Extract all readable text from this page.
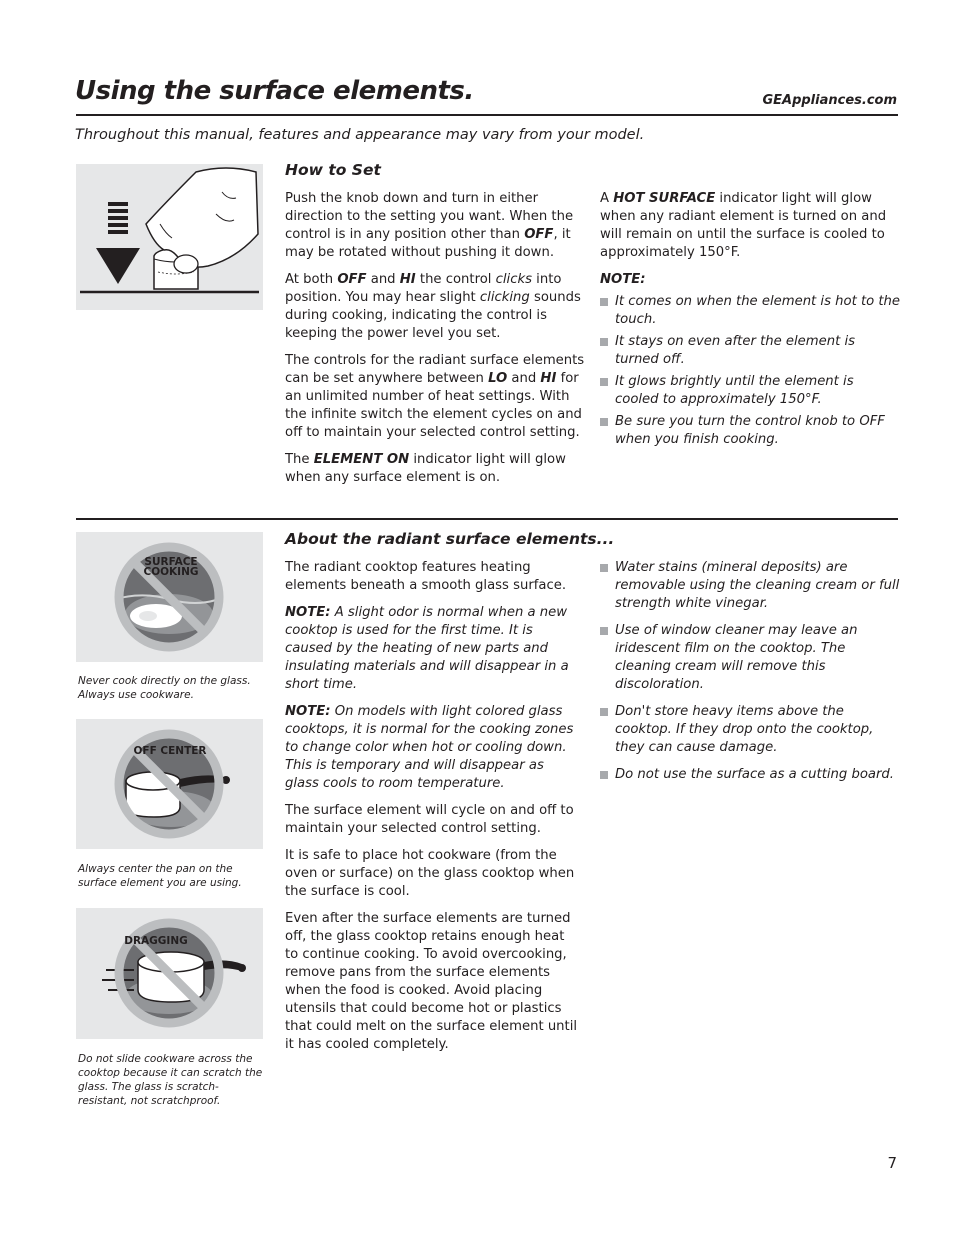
Using the surface elements.	GEAppliances.com
Throughout this manual, features and appearance may vary from your model.
How to Set

Push the knob down and turn in either direction to the setting you want. When the control is in any position other than OFF, it may be rotated without pushing it down.

At both OFF and HI the control clicks into position. You may hear slight clicking sounds during cooking, indicating the control is keeping the power level you set.

The controls for the radiant surface elements can be set anywhere between LO and HI for an unlimited number of heat settings. With the infinite switch the element cycles on and off to maintain your selected control setting.

The ELEMENT ON indicator light will glow when any surface element is on.

A HOT SURFACE indicator light will glow when any radiant element is turned on and will remain on until the surface is cooled to approximately 150°F.

NOTE:
It comes on when the element is hot to the touch.
It stays on even after the element is turned off.
It glows brightly until the element is cooled to approximately 150°F.
Be sure you turn the control knob to OFF when you finish cooking.
SURFACE
COOKING
Never cook directly on the glass. Always use cookware.
OFF CENTER
Always center the pan on the surface element you are using.
DRAGGING
Do not slide cookware across the cooktop because it can scratch the glass. The glass is scratch-resistant, not scratchproof.
About the radiant surface elements...

The radiant cooktop features heating elements beneath a smooth glass surface.

NOTE: A slight odor is normal when a new cooktop is used for the first time. It is caused by the heating of new parts and insulating materials and will disappear in a short time.

NOTE: On models with light colored glass cooktops, it is normal for the cooking zones to change color when hot or cooling down. This is temporary and will disappear as glass cools to room temperature.

The surface element will cycle on and off to maintain your selected control setting.

It is safe to place hot cookware (from the oven or surface) on the glass cooktop when the surface is cool.

Even after the surface elements are turned off, the glass cooktop retains enough heat to continue cooking. To avoid overcooking, remove pans from the surface elements when the food is cooked. Avoid placing utensils that could become hot or plastics that could melt on the surface element until it has cooled completely.

Water stains (mineral deposits) are removable using the cleaning cream or full strength white vinegar.
Use of window cleaner may leave an iridescent film on the cooktop. The cleaning cream will remove this discoloration.
Don't store heavy items above the cooktop. If they drop onto the cooktop, they can cause damage.
Do not use the surface as a cutting board.
7
